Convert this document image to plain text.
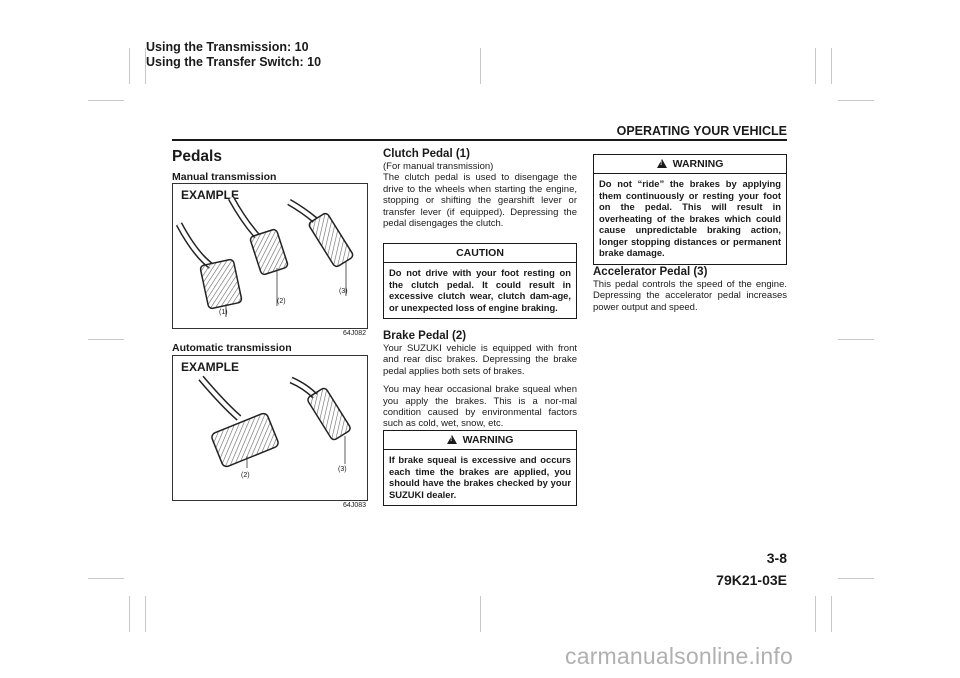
Using the Transmission: 10
Using the Transfer Switch: 10
OPERATING YOUR VEHICLE
Pedals
Manual transmission
EXAMPLE
(1)
(2)
(3)
64J082
Automatic transmission
EXAMPLE
(2)
(3)
64J083
Clutch Pedal (1)
(For manual transmission)

The clutch pedal is used to disengage the drive to the wheels when starting the engine, stopping or shifting the gearshift lever or transfer lever (if equipped). Depressing the pedal disengages the clutch.

CAUTION
Do not drive with your foot resting on the clutch pedal. It could result in excessive clutch wear, clutch dam-age, or unexpected loss of engine braking.
Brake Pedal (2)

Your SUZUKI vehicle is equipped with front and rear disc brakes. Depressing the brake pedal applies both sets of brakes.

You may hear occasional brake squeal when you apply the brakes. This is a nor-mal condition caused by environmental factors such as cold, wet, snow, etc.

!WARNING
If brake squeal is excessive and occurs each time the brakes are applied, you should have the brakes checked by your SUZUKI dealer.
!WARNING
Do not “ride” the brakes by applying them continuously or resting your foot on the pedal. This will result in overheating of the brakes which could cause unpredictable braking action, longer stopping distances or permanent brake damage.
Accelerator Pedal (3)

This pedal controls the speed of the engine. Depressing the accelerator pedal increases power output and speed.

3-8
79K21-03E
carmanualsonline.info
